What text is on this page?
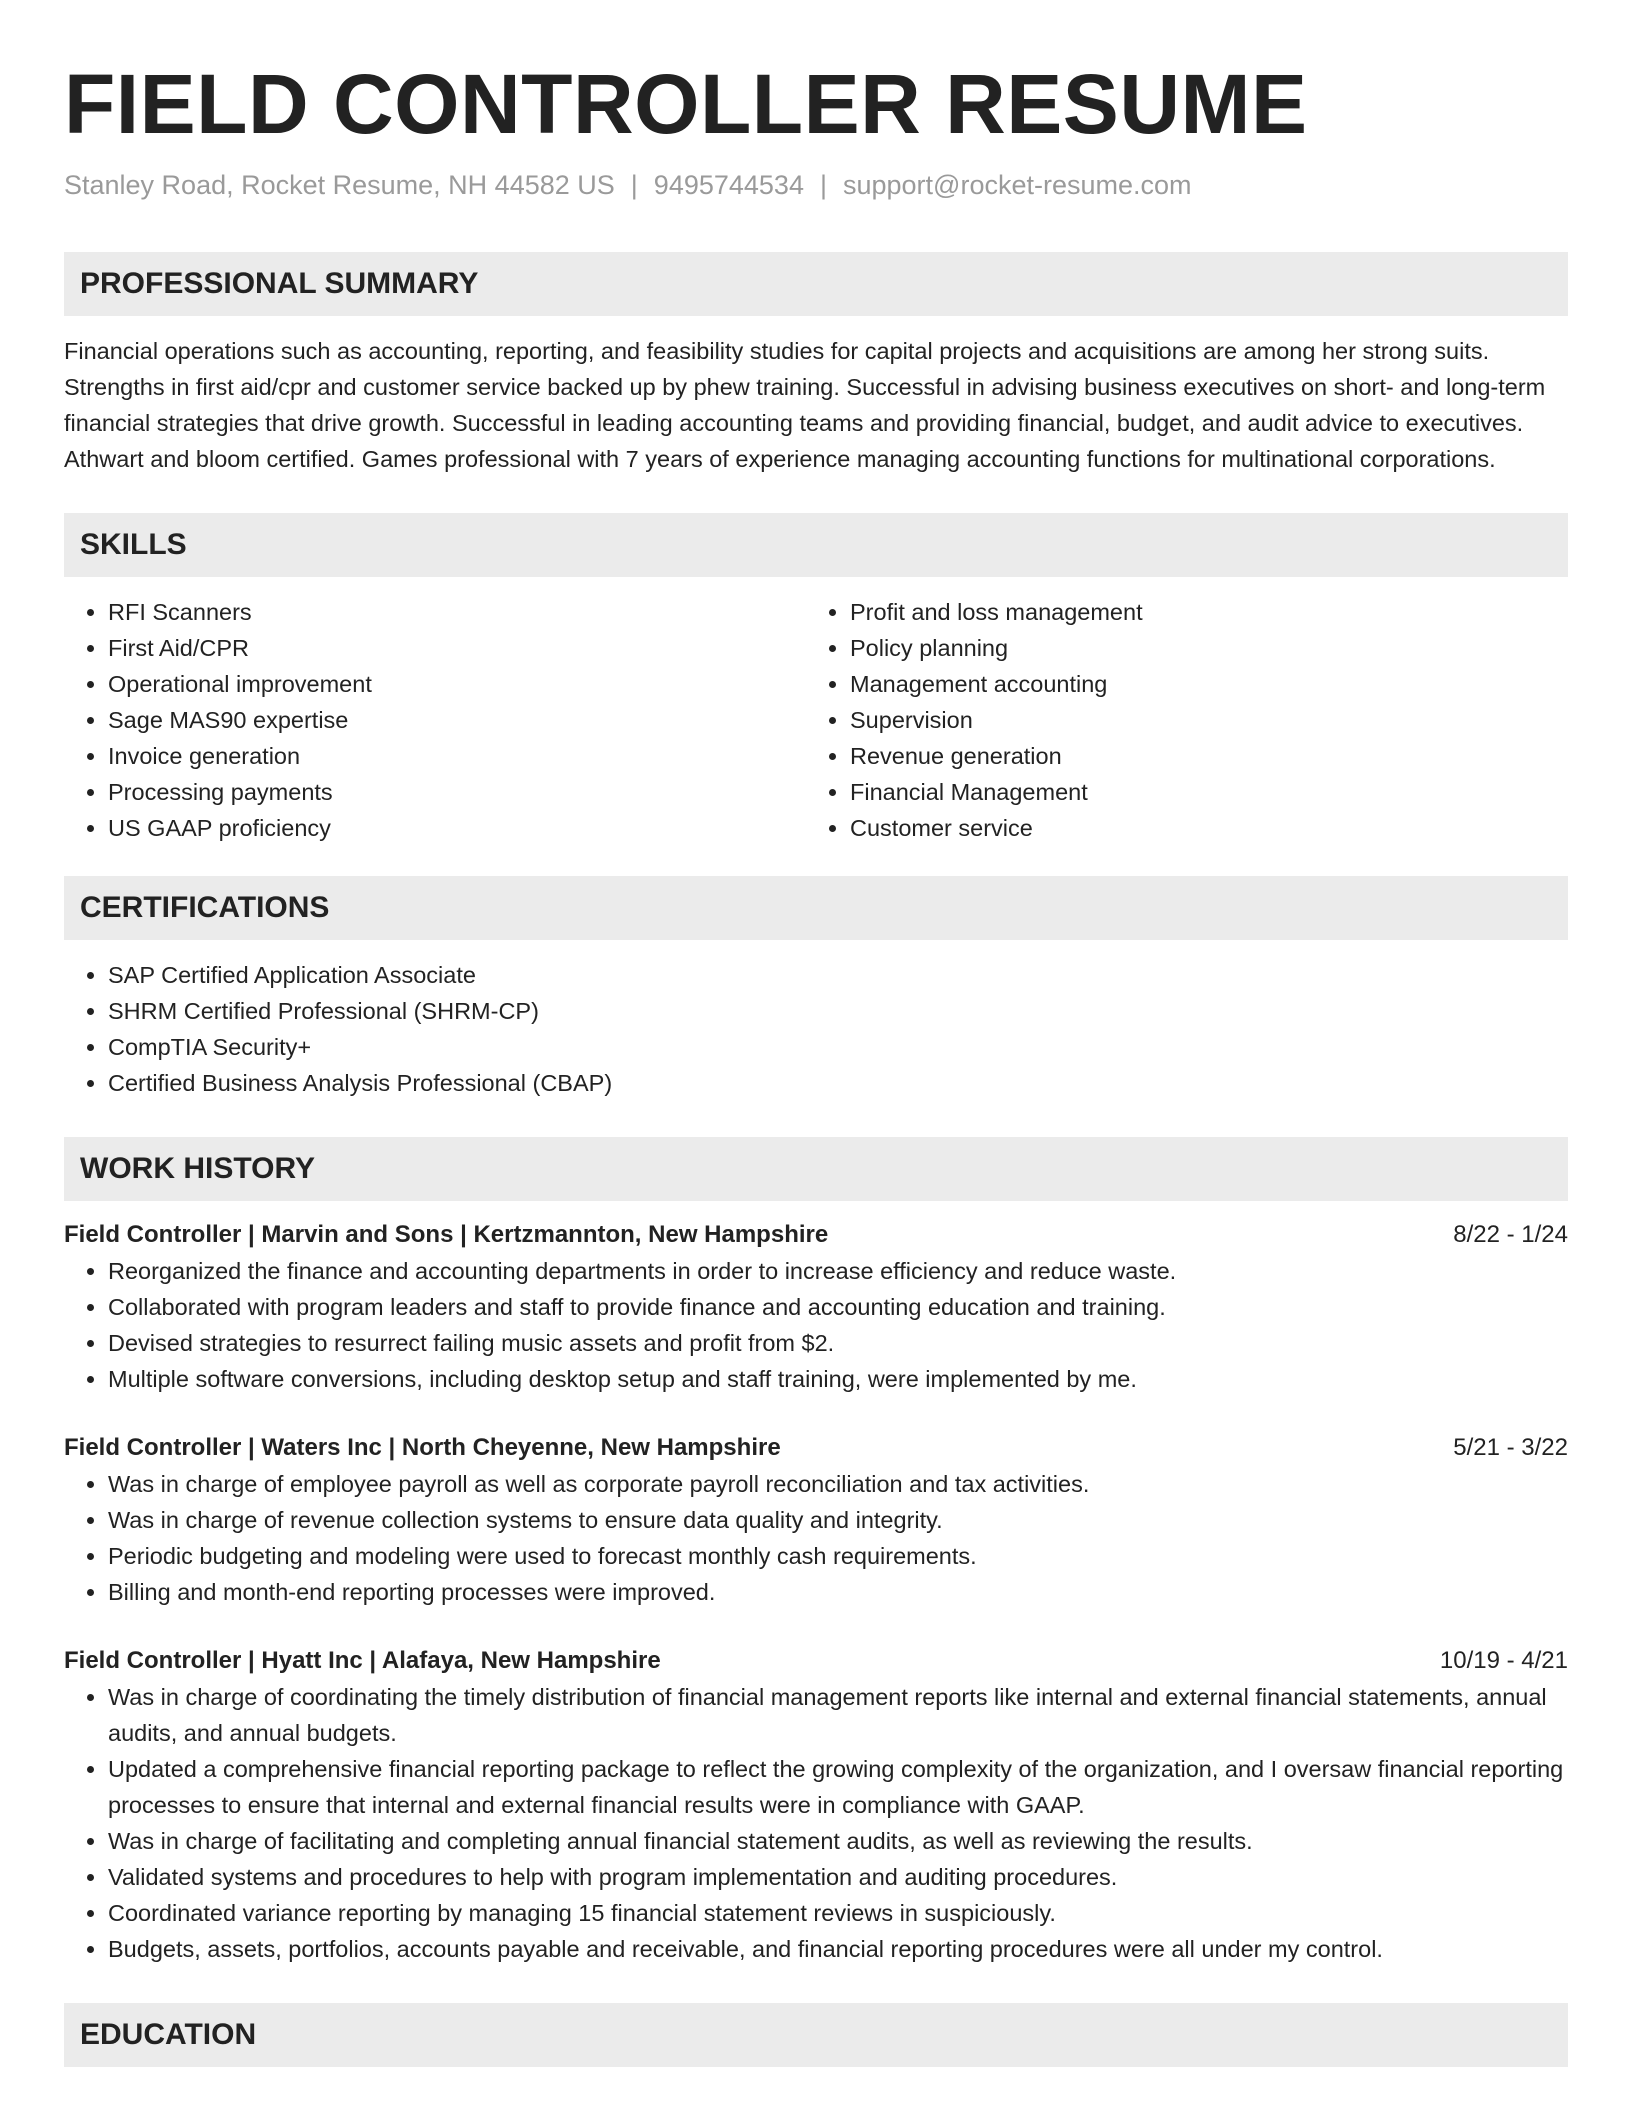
FIELD CONTROLLER RESUME
Stanley Road, Rocket Resume, NH 44582 US | 9495744534 | support@rocket-resume.com
PROFESSIONAL SUMMARY
Financial operations such as accounting, reporting, and feasibility studies for capital projects and acquisitions are among her strong suits. Strengths in first aid/cpr and customer service backed up by phew training. Successful in advising business executives on short- and long-term financial strategies that drive growth. Successful in leading accounting teams and providing financial, budget, and audit advice to executives. Athwart and bloom certified. Games professional with 7 years of experience managing accounting functions for multinational corporations.
SKILLS
• RFI Scanners
• First Aid/CPR
• Operational improvement
• Sage MAS90 expertise
• Invoice generation
• Processing payments
• US GAAP proficiency
• Profit and loss management
• Policy planning
• Management accounting
• Supervision
• Revenue generation
• Financial Management
• Customer service
CERTIFICATIONS
• SAP Certified Application Associate
• SHRM Certified Professional (SHRM-CP)
• CompTIA Security+
• Certified Business Analysis Professional (CBAP)
WORK HISTORY
Field Controller | Marvin and Sons | Kertzmannton, New Hampshire	8/22 - 1/24
• Reorganized the finance and accounting departments in order to increase efficiency and reduce waste.
• Collaborated with program leaders and staff to provide finance and accounting education and training.
• Devised strategies to resurrect failing music assets and profit from $2.
• Multiple software conversions, including desktop setup and staff training, were implemented by me.
Field Controller | Waters Inc | North Cheyenne, New Hampshire	5/21 - 3/22
• Was in charge of employee payroll as well as corporate payroll reconciliation and tax activities.
• Was in charge of revenue collection systems to ensure data quality and integrity.
• Periodic budgeting and modeling were used to forecast monthly cash requirements.
• Billing and month-end reporting processes were improved.
Field Controller | Hyatt Inc | Alafaya, New Hampshire	10/19 - 4/21
• Was in charge of coordinating the timely distribution of financial management reports like internal and external financial statements, annual audits, and annual budgets.
• Updated a comprehensive financial reporting package to reflect the growing complexity of the organization, and I oversaw financial reporting processes to ensure that internal and external financial results were in compliance with GAAP.
• Was in charge of facilitating and completing annual financial statement audits, as well as reviewing the results.
• Validated systems and procedures to help with program implementation and auditing procedures.
• Coordinated variance reporting by managing 15 financial statement reviews in suspiciously.
• Budgets, assets, portfolios, accounts payable and receivable, and financial reporting procedures were all under my control.
EDUCATION
